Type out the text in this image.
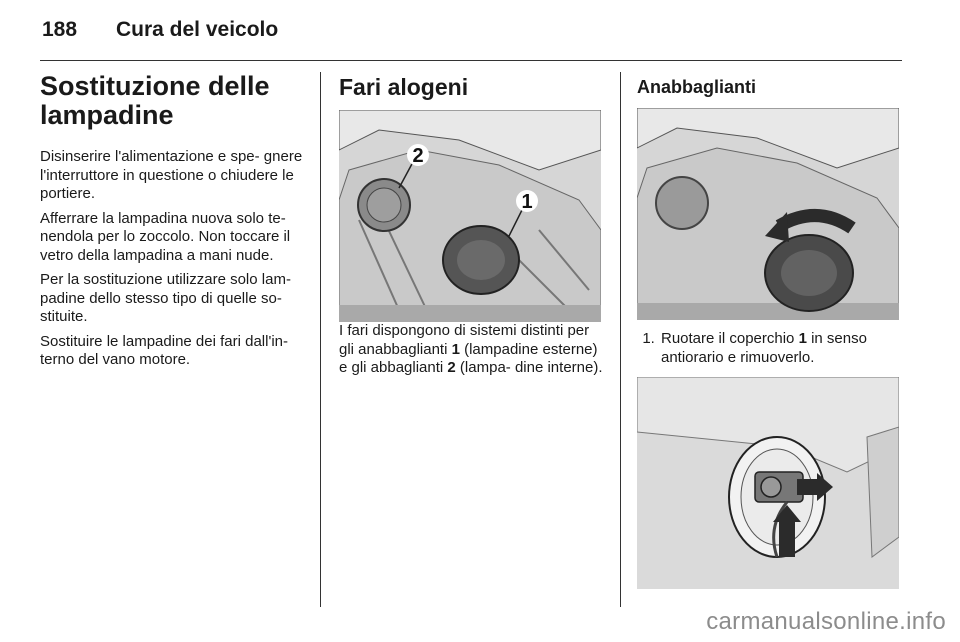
188 Cura del veicolo
Sostituzione delle lampadine

Disinserire l'alimentazione e spe- gnere l'interruttore in questione o chiudere le portiere.

Afferrare la lampadina nuova solo te- nendola per lo zoccolo. Non toccare il vetro della lampadina a mani nude.

Per la sostituzione utilizzare solo lam- padine dello stesso tipo di quelle so- stituite.

Sostituire le lampadine dei fari dall'in- terno del vano motore.

Fari alogeni
2
1

I fari dispongono di sistemi distinti per gli anabbaglianti 1 (lampadine esterne) e gli abbaglianti 2 (lampa- dine interne).

Anabbaglianti
1. Ruotare il coperchio 1 in senso antiorario e rimuoverlo.
carmanualsonline.info
